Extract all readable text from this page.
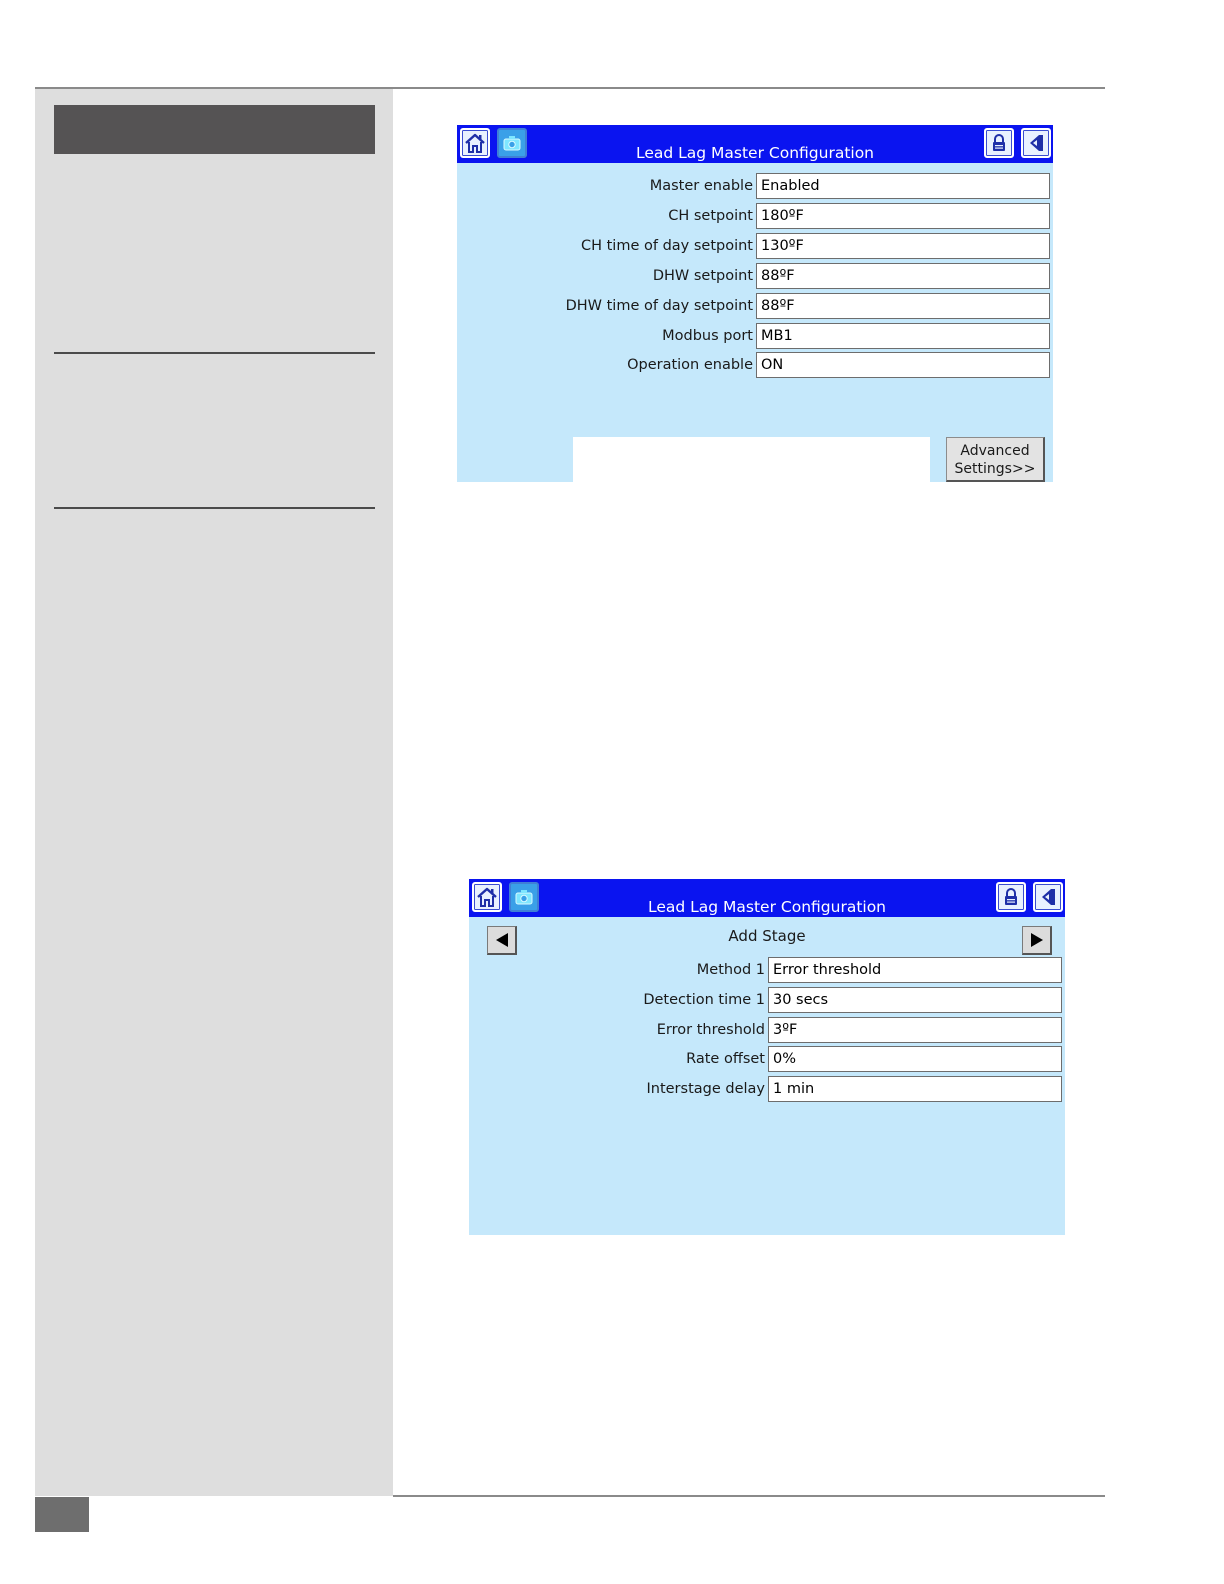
Lead Lag Master Configuration
Master enable Enabled
CH setpoint 180ºF
CH time of day setpoint 130ºF
DHW setpoint 88ºF
DHW time of day setpoint 88ºF
Modbus port MB1
Operation enable ON
Advanced
Settings>>
Lead Lag Master Configuration
Add Stage
Method 1 Error threshold
Detection time 1 30 secs
Error threshold 3ºF
Rate offset 0%
Interstage delay 1 min
